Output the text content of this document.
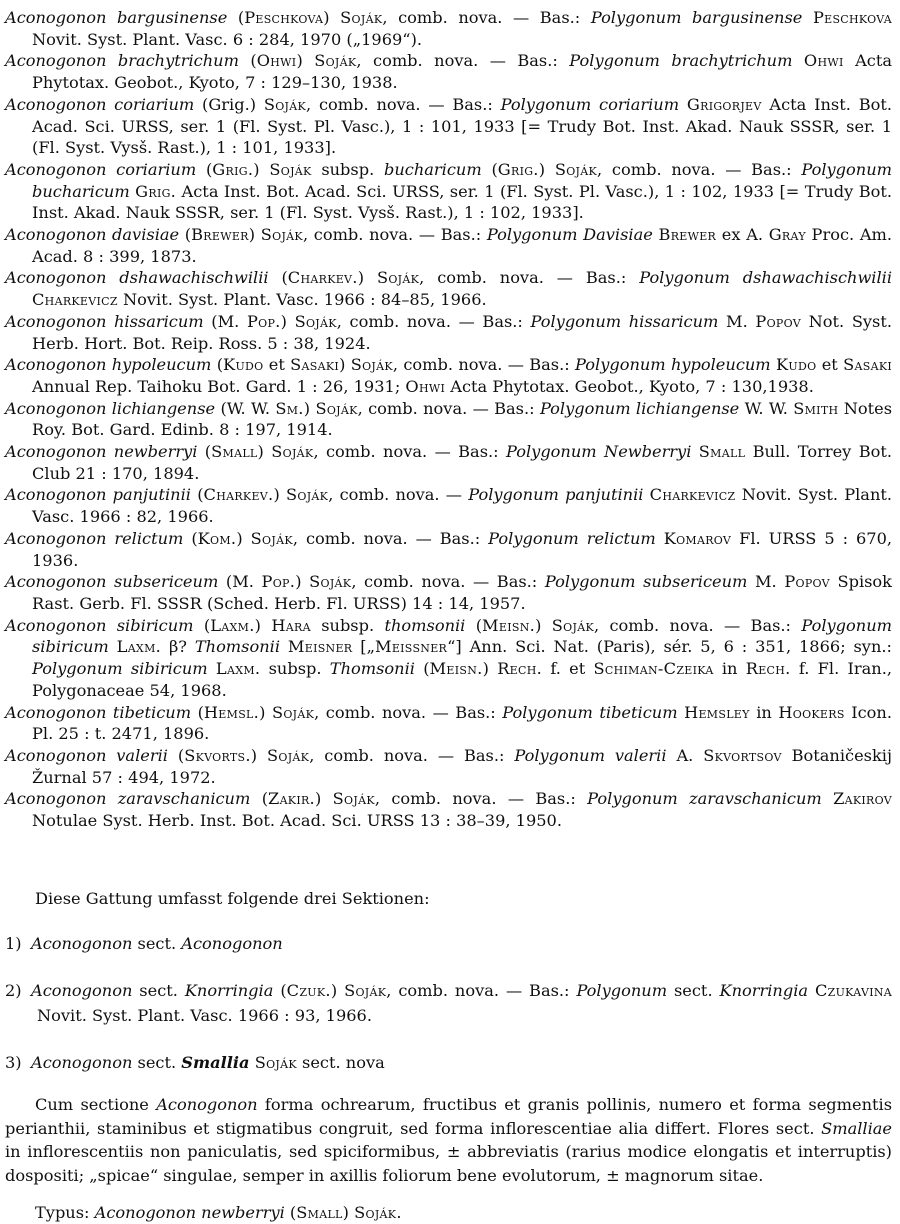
Aconogonon bargusinense (Peschkova) Soják, comb. nova. — Bas.: Polygonum bargusinense Peschkova Novit. Syst. Plant. Vasc. 6 : 284, 1970 („1969“).

Aconogonon brachytrichum (Ohwi) Soják, comb. nova. — Bas.: Polygonum brachytrichum Ohwi Acta Phytotax. Geobot., Kyoto, 7 : 129–130, 1938.

Aconogonon coriarium (Grig.) Soják, comb. nova. — Bas.: Polygonum coriarium Grigorjev Acta Inst. Bot. Acad. Sci. URSS, ser. 1 (Fl. Syst. Pl. Vasc.), 1 : 101, 1933 [= Trudy Bot. Inst. Akad. Nauk SSSR, ser. 1 (Fl. Syst. Vysš. Rast.), 1 : 101, 1933].

Aconogonon coriarium (Grig.) Soják subsp. bucharicum (Grig.) Soják, comb. nova. — Bas.: Polygonum bucharicum Grig. Acta Inst. Bot. Acad. Sci. URSS, ser. 1 (Fl. Syst. Pl. Vasc.), 1 : 102, 1933 [= Trudy Bot. Inst. Akad. Nauk SSSR, ser. 1 (Fl. Syst. Vysš. Rast.), 1 : 102, 1933].

Aconogonon davisiae (Brewer) Soják, comb. nova. — Bas.: Polygonum Davisiae Brewer ex A. Gray Proc. Am. Acad. 8 : 399, 1873.

Aconogonon dshawachischwilii (Charkev.) Soják, comb. nova. — Bas.: Polygonum dshawachischwilii Charkevicz Novit. Syst. Plant. Vasc. 1966 : 84–85, 1966.

Aconogonon hissaricum (M. Pop.) Soják, comb. nova. — Bas.: Polygonum hissaricum M. Popov Not. Syst. Herb. Hort. Bot. Reip. Ross. 5 : 38, 1924.

Aconogonon hypoleucum (Kudo et Sasaki) Soják, comb. nova. — Bas.: Polygonum hypoleucum Kudo et Sasaki Annual Rep. Taihoku Bot. Gard. 1 : 26, 1931; Ohwi Acta Phytotax. Geobot., Kyoto, 7 : 130,1938.

Aconogonon lichiangense (W. W. Sm.) Soják, comb. nova. — Bas.: Polygonum lichiangense W. W. Smith Notes Roy. Bot. Gard. Edinb. 8 : 197, 1914.

Aconogonon newberryi (Small) Soják, comb. nova. — Bas.: Polygonum Newberryi Small Bull. Torrey Bot. Club 21 : 170, 1894.

Aconogonon panjutinii (Charkev.) Soják, comb. nova. — Polygonum panjutinii Charkevicz Novit. Syst. Plant. Vasc. 1966 : 82, 1966.

Aconogonon relictum (Kom.) Soják, comb. nova. — Bas.: Polygonum relictum Komarov Fl. URSS 5 : 670, 1936.

Aconogonon subsericeum (M. Pop.) Soják, comb. nova. — Bas.: Polygonum subsericeum M. Popov Spisok Rast. Gerb. Fl. SSSR (Sched. Herb. Fl. URSS) 14 : 14, 1957.

Aconogonon sibiricum (Laxm.) Hara subsp. thomsonii (Meisn.) Soják, comb. nova. — Bas.: Polygonum sibiricum Laxm. β? Thomsonii Meisner [„Meissner“] Ann. Sci. Nat. (Paris), sér. 5, 6 : 351, 1866; syn.: Polygonum sibiricum Laxm. subsp. Thomsonii (Meisn.) Rech. f. et Schiman-Czeika in Rech. f. Fl. Iran., Polygonaceae 54, 1968.

Aconogonon tibeticum (Hemsl.) Soják, comb. nova. — Bas.: Polygonum tibeticum Hemsley in Hookers Icon. Pl. 25 : t. 2471, 1896.

Aconogonon valerii (Skvorts.) Soják, comb. nova. — Bas.: Polygonum valerii A. Skvortsov Botaničeskij Žurnal 57 : 494, 1972.

Aconogonon zaravschanicum (Zakir.) Soják, comb. nova. — Bas.: Polygonum zaravschanicum Zakirov Notulae Syst. Herb. Inst. Bot. Acad. Sci. URSS 13 : 38–39, 1950.

Diese Gattung umfasst folgende drei Sektionen:

1) Aconogonon sect. Aconogonon

2) Aconogonon sect. Knorringia (Czuk.) Soják, comb. nova. — Bas.: Polygonum sect. Knorringia Czukavina Novit. Syst. Plant. Vasc. 1966 : 93, 1966.

3) Aconogonon sect. Smallia Soják sect. nova

Cum sectione Aconogonon forma ochrearum, fructibus et granis pollinis, numero et forma segmentis perianthii, staminibus et stigmatibus congruit, sed forma inflorescentiae alia differt. Flores sect. Smalliae in inflorescentiis non paniculatis, sed spiciformibus, ± abbreviatis (rarius modice elongatis et interruptis) dospositi; „spicae“ singulae, semper in axillis foliorum bene evolutorum, ± magnorum sitae.

Typus: Aconogonon newberryi (Small) Soják.
